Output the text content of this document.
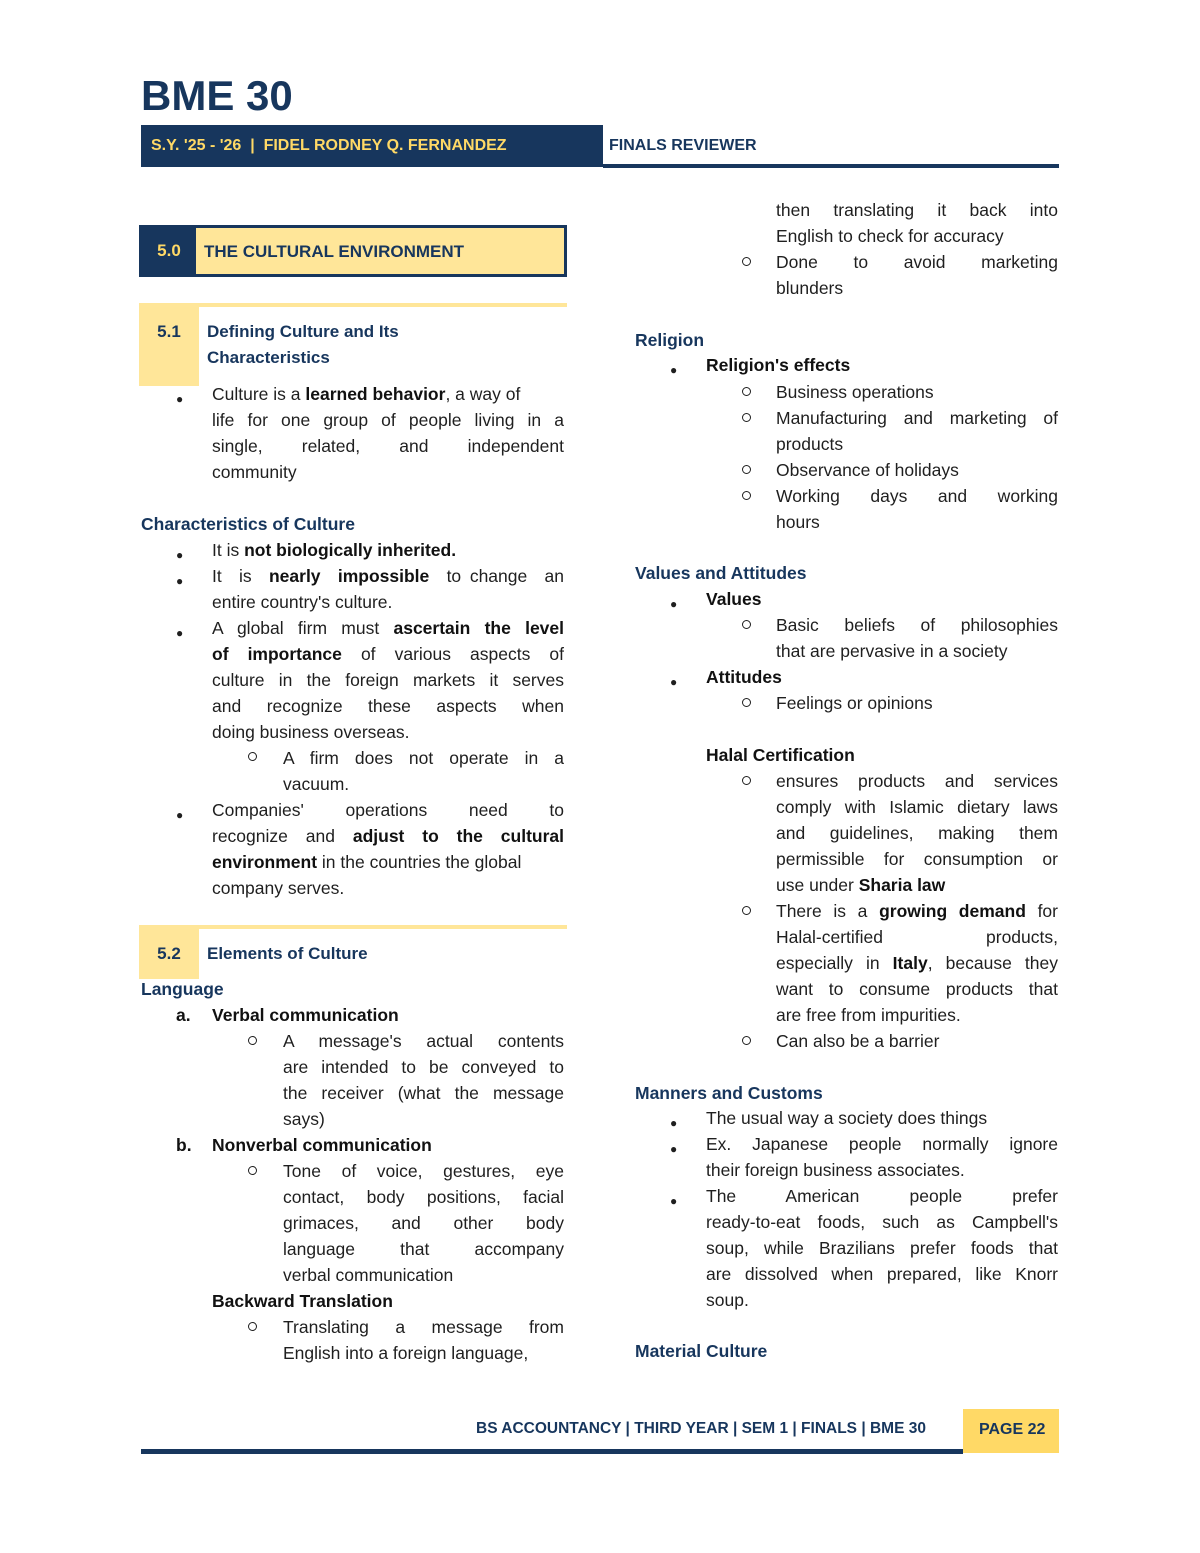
BME 30
S.Y. '25 - '26  |  FIDEL RODNEY Q. FERNANDEZ	FINALS REVIEWER
5.0	THE CULTURAL ENVIRONMENT
5.1	Defining Culture and Its
Characteristics
● Culture is a learned behavior, a way of
life for one group of people living in a
single, related, and independent
community
Characteristics of Culture
● It is not biologically inherited.
● It  is  nearly  impossible  to change  an
entire country's culture.
● A  global  firm  must  ascertain  the  level
of  importance  of  various  aspects  of
culture in the foreign markets it serves
and  recognize  these  aspects  when
doing business overseas.
A  firm  does  not  operate  in  a
vacuum.
● Companies'  operations  need  to
recognize and adjust to the cultural
environment in the countries the global
company serves.
5.2	Elements of Culture
Language
a. Verbal communication
A  message's  actual  contents
are intended to be conveyed to
the receiver (what the message
says)
b. Nonverbal communication
Tone  of  voice,  gestures,  eye
contact,  body  positions,  facial
grimaces,  and  other  body
language  that  accompany
verbal communication
Backward Translation
Translating  a  message  from
English into a foreign language,
then  translating  it  back  into
English to check for accuracy
Done  to  avoid  marketing
blunders
Religion
● Religion's effects
Business operations
Manufacturing and marketing of
products
Observance of holidays
Working  days  and  working
hours
Values and Attitudes
● Values
Basic  beliefs  of  philosophies
that are pervasive in a society
● Attitudes
Feelings or opinions
Halal Certification
ensures products and services
comply with Islamic dietary laws
and  guidelines,  making  them
permissible for consumption or
use under Sharia law
There is a growing demand for
Halal-certified        products,
especially in Italy, because they
want to consume products that
are free from impurities.
Can also be a barrier
Manners and Customs
● The usual way a society does things
● Ex.  Japanese  people  normally  ignore
their foreign business associates.
● The      American      people      prefer
ready-to-eat foods, such as Campbell's
soup, while Brazilians prefer foods that
are dissolved when prepared, like Knorr
soup.
Material Culture
BS ACCOUNTANCY | THIRD YEAR | SEM 1 | FINALS | BME 30	PAGE 22
